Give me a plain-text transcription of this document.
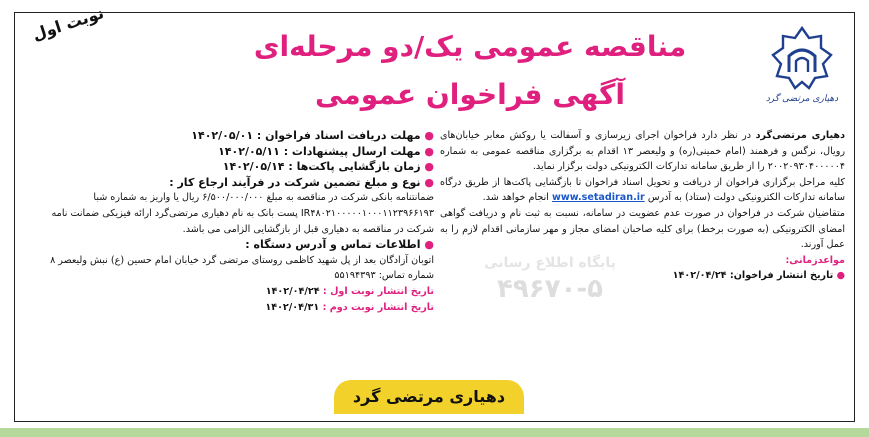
دهیاری مرتضی گرد
نوبت اول
مناقصه عمومی یک/دو مرحله‌ای
آگهی فراخوان عمومی
پایگاه اطلاع رسانی
۴۹۶۷۰-۵

دهیاری مرتضی‌گرد در نظر دارد فراخوان اجرای زیرسازی و آسفالت یا روکش معابر خیابان‌های رویال، نرگس و فرهمند (امام خمینی(ره) و ولیعصر ۱۳ اقدام به برگزاری مناقصه عمومی به شماره ۲۰۰۲۰۹۳۰۴۰۰۰۰۰۴ را از طریق سامانه تدارکات الکترونیکی دولت برگزار نماید.

کلیه مراحل برگزاری فراخوان از دریافت و تحویل اسناد فراخوان تا بازگشایی پاکت‌ها از طریق درگاه سامانه تدارکات الکترونیکی دولت (ستاد) به آدرس www.setadiran.ir انجام خواهد شد.

متقاضیان شرکت در فراخوان در صورت عدم عضویت در سامانه، نسبت به ثبت نام و دریافت گواهی امضای الکترونیکی (به صورت برخط) برای کلیه صاحبان امضای مجاز و مهر سازمانی اقدام لازم را به عمل آورند.

مواعدزمانی:

● تاریخ انتشار فراخوان: ۱۴۰۲/۰۴/۲۴

● مهلت دریافت اسناد فراخوان : ۱۴۰۲/۰۵/۰۱

● مهلت ارسال پیشنهادات : ۱۴۰۲/۰۵/۱۱

● زمان بازگشایی پاکت‌ها : ۱۴۰۲/۰۵/۱۴

● نوع و مبلغ تضمین شرکت در فرآیند ارجاع کار :

ضمانتنامه بانکی شرکت در مناقصه به مبلغ ۶/۵۰۰/۰۰۰/۰۰۰ ریال یا واریز به شماره شبا IR۴۸۰۲۱۰۰۰۰۰۱۰۰۰۱۱۲۳۹۶۶۱۹۳ پست بانک به نام دهیاری مرتضی‌گرد ارائه فیزیکی ضمانت نامه شرکت در مناقصه به دهیاری قبل از بازگشایی الزامی می باشد.

● اطلاعات تماس و آدرس دستگاه :

اتوبان آزادگان بعد از پل شهید کاظمی روستای مرتضی گرد خیابان امام حسین (ع) نبش ولیعصر ۸ شماره تماس: ۵۵۱۹۴۳۹۳

تاریخ انتشار نوبت اول : ۱۴۰۲/۰۴/۲۴

تاریخ انتشار نوبت دوم : ۱۴۰۲/۰۴/۳۱

دهیاری مرتضی گرد
